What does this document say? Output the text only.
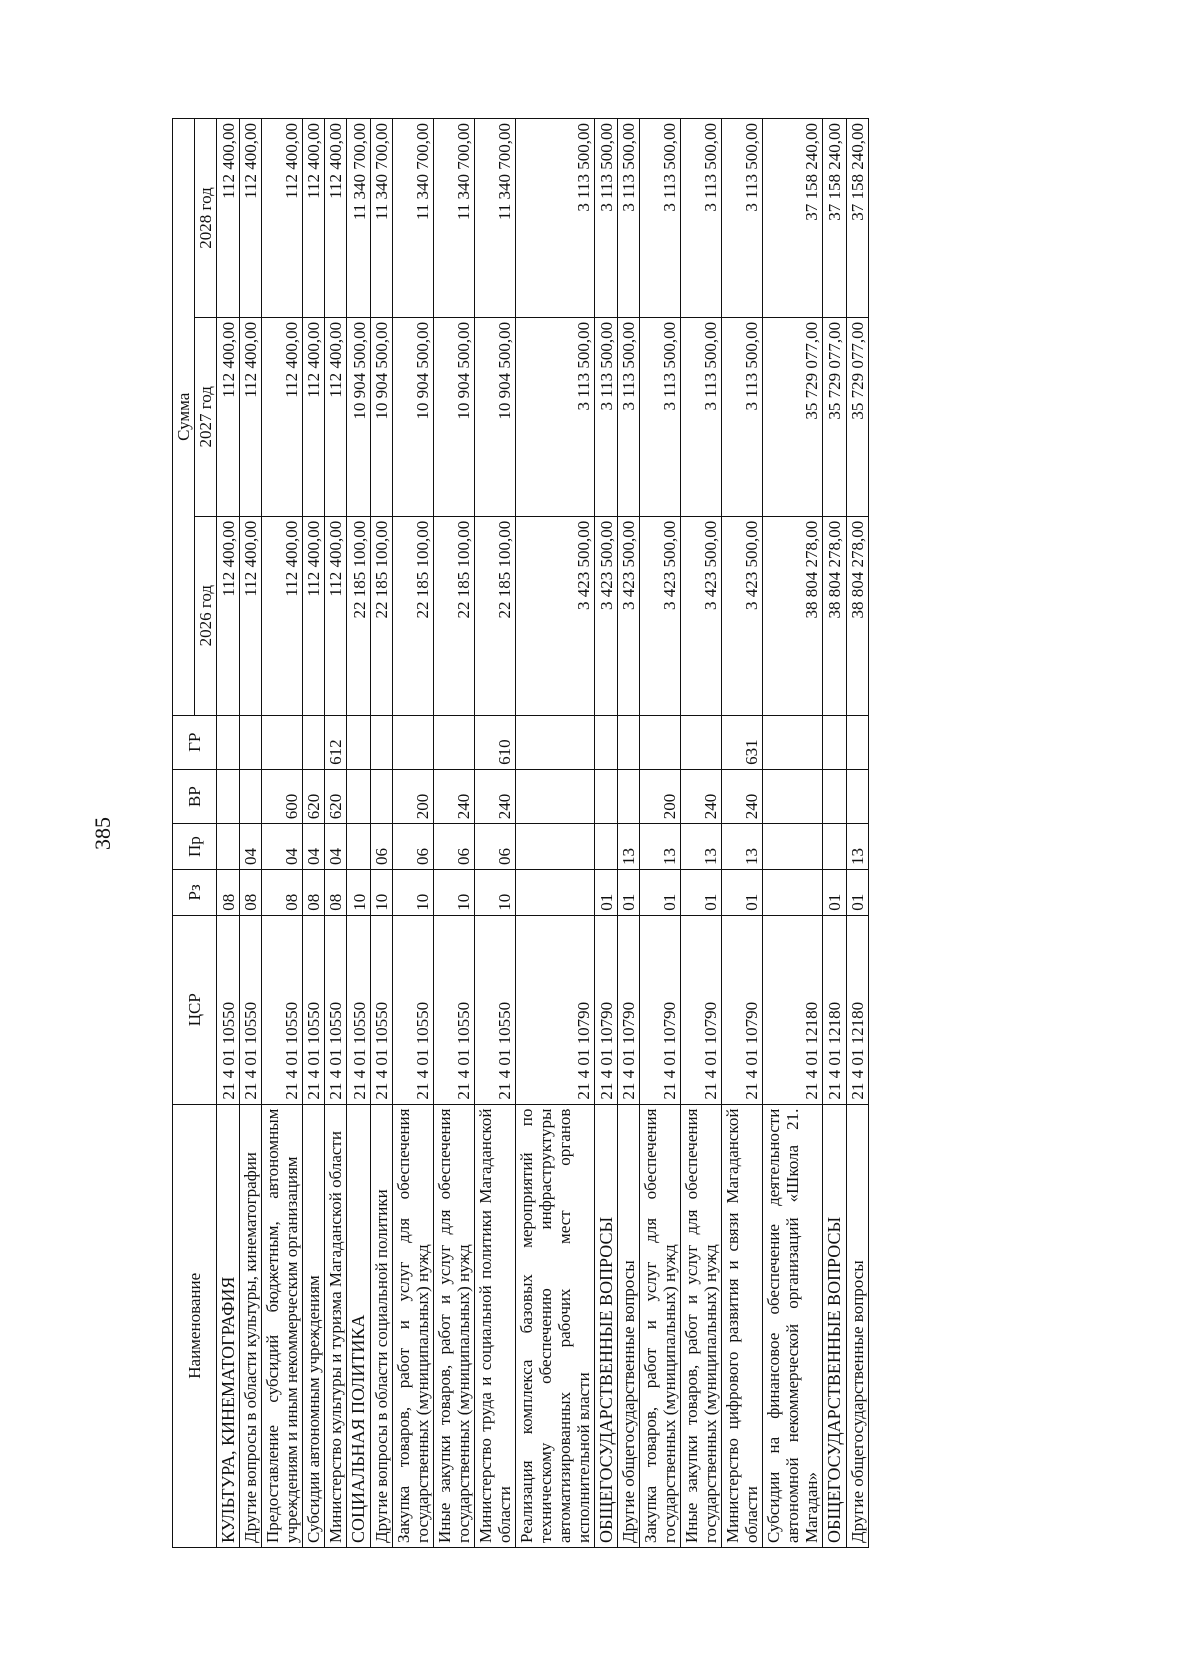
385
Наименование	ЦСР	Рз	Пр	ВР	ГР	Сумма		
						2026 год	2027 год	2028 год
КУЛЬТУРА, КИНЕМАТОГРАФИЯ	21 4 01 10550	08				112 400,00	112 400,00	112 400,00
Другие вопросы в области культуры, кинематографии	21 4 01 10550	08	04			112 400,00	112 400,00	112 400,00
Предоставление субсидий бюджетным, автономным учреждениям и иным некоммерческим организациям	21 4 01 10550	08	04	600		112 400,00	112 400,00	112 400,00
Субсидии автономным учреждениям	21 4 01 10550	08	04	620		112 400,00	112 400,00	112 400,00
Министерство культуры и туризма Магаданской области	21 4 01 10550	08	04	620	612	112 400,00	112 400,00	112 400,00
СОЦИАЛЬНАЯ ПОЛИТИКА	21 4 01 10550	10				22 185 100,00	10 904 500,00	11 340 700,00
Другие вопросы в области социальной политики	21 4 01 10550	10	06			22 185 100,00	10 904 500,00	11 340 700,00
Закупка товаров, работ и услуг для обеспечения государственных (муниципальных) нужд	21 4 01 10550	10	06	200		22 185 100,00	10 904 500,00	11 340 700,00
Иные закупки товаров, работ и услуг для обеспечения государственных (муниципальных) нужд	21 4 01 10550	10	06	240		22 185 100,00	10 904 500,00	11 340 700,00
Министерство труда и социальной политики Магаданской области	21 4 01 10550	10	06	240	610	22 185 100,00	10 904 500,00	11 340 700,00
Реализация комплекса базовых мероприятий по техническому обеспечению инфраструктуры автоматизированных рабочих мест органов исполнительной власти	21 4 01 10790					3 423 500,00	3 113 500,00	3 113 500,00
ОБЩЕГОСУДАРСТВЕННЫЕ ВОПРОСЫ	21 4 01 10790	01				3 423 500,00	3 113 500,00	3 113 500,00
Другие общегосударственные вопросы	21 4 01 10790	01	13			3 423 500,00	3 113 500,00	3 113 500,00
Закупка товаров, работ и услуг для обеспечения государственных (муниципальных) нужд	21 4 01 10790	01	13	200		3 423 500,00	3 113 500,00	3 113 500,00
Иные закупки товаров, работ и услуг для обеспечения государственных (муниципальных) нужд	21 4 01 10790	01	13	240		3 423 500,00	3 113 500,00	3 113 500,00
Министерство цифрового развития и связи Магаданской области	21 4 01 10790	01	13	240	631	3 423 500,00	3 113 500,00	3 113 500,00
Субсидии на финансовое обеспечение деятельности автономной некоммерческой организаций «Школа 21. Магадан»	21 4 01 12180					38 804 278,00	35 729 077,00	37 158 240,00
ОБЩЕГОСУДАРСТВЕННЫЕ ВОПРОСЫ	21 4 01 12180	01				38 804 278,00	35 729 077,00	37 158 240,00
Другие общегосударственные вопросы	21 4 01 12180	01	13			38 804 278,00	35 729 077,00	37 158 240,00
